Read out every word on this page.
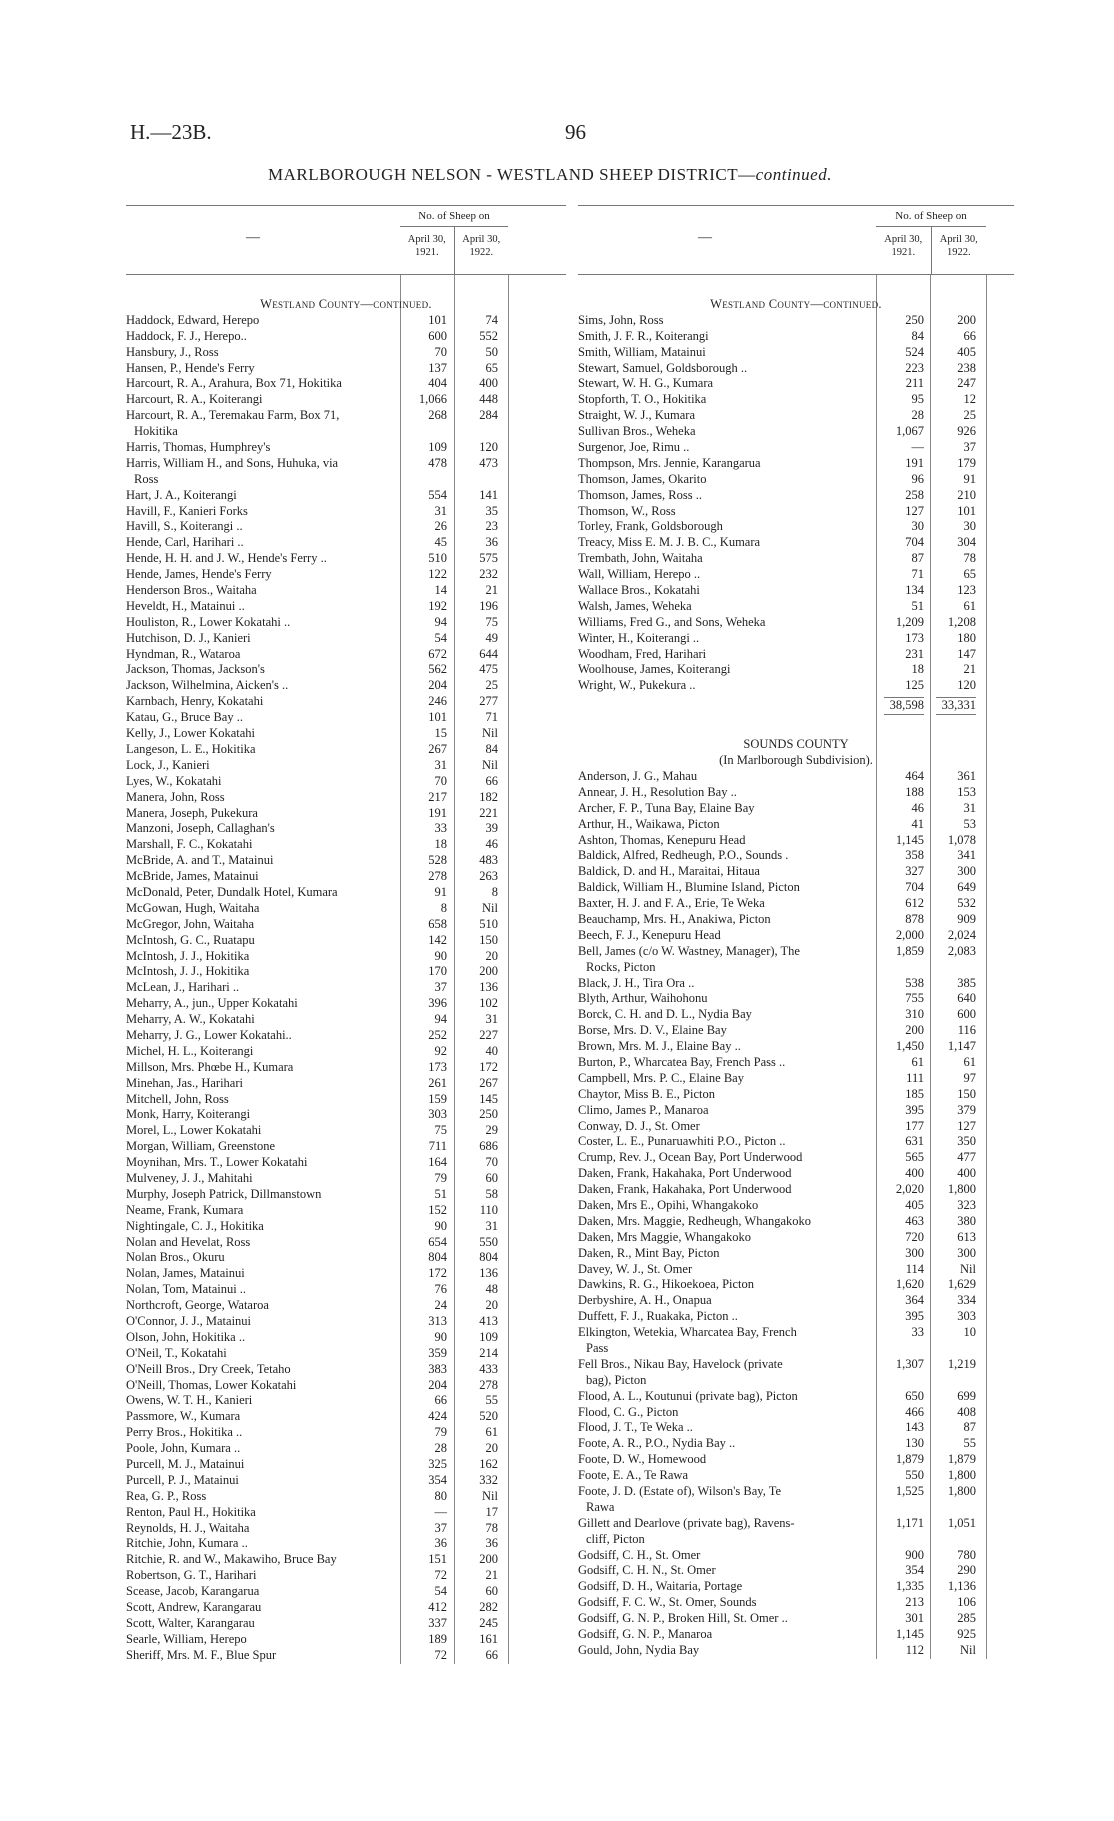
H.—23B.	96
MARLBOROUGH NELSON - WESTLAND SHEEP DISTRICT—continued.
—
No. of Sheep on
April 30, 1921.
April 30, 1922.
Westland County—continued.
Haddock, Edward, Herepo	101	74
Haddock, F. J., Herepo..	600	552
Hansbury, J., Ross	70	50
Hansen, P., Hende's Ferry	137	65
Harcourt, R. A., Arahura, Box 71, Hokitika	404	400
Harcourt, R. A., Koiterangi	1,066	448
Harcourt, R. A., Teremakau Farm, Box 71,	268	284
Hokitika
Harris, Thomas, Humphrey's	109	120
Harris, William H., and Sons, Huhuka, via	478	473
Ross
Hart, J. A., Koiterangi	554	141
Havill, F., Kanieri Forks	31	35
Havill, S., Koiterangi ..	26	23
Hende, Carl, Harihari ..	45	36
Hende, H. H. and J. W., Hende's Ferry ..	510	575
Hende, James, Hende's Ferry	122	232
Henderson Bros., Waitaha	14	21
Heveldt, H., Matainui ..	192	196
Houliston, R., Lower Kokatahi ..	94	75
Hutchison, D. J., Kanieri	54	49
Hyndman, R., Wataroa	672	644
Jackson, Thomas, Jackson's	562	475
Jackson, Wilhelmina, Aicken's ..	204	25
Karnbach, Henry, Kokatahi	246	277
Katau, G., Bruce Bay ..	101	71
Kelly, J., Lower Kokatahi	15	Nil
Langeson, L. E., Hokitika	267	84
Lock, J., Kanieri	31	Nil
Lyes, W., Kokatahi	70	66
Manera, John, Ross	217	182
Manera, Joseph, Pukekura	191	221
Manzoni, Joseph, Callaghan's	33	39
Marshall, F. C., Kokatahi	18	46
McBride, A. and T., Matainui	528	483
McBride, James, Matainui	278	263
McDonald, Peter, Dundalk Hotel, Kumara	91	8
McGowan, Hugh, Waitaha	8	Nil
McGregor, John, Waitaha	658	510
McIntosh, G. C., Ruatapu	142	150
McIntosh, J. J., Hokitika	90	20
McIntosh, J. J., Hokitika	170	200
McLean, J., Harihari ..	37	136
Meharry, A., jun., Upper Kokatahi	396	102
Meharry, A. W., Kokatahi	94	31
Meharry, J. G., Lower Kokatahi..	252	227
Michel, H. L., Koiterangi	92	40
Millson, Mrs. Phœbe H., Kumara	173	172
Minehan, Jas., Harihari	261	267
Mitchell, John, Ross	159	145
Monk, Harry, Koiterangi	303	250
Morel, L., Lower Kokatahi	75	29
Morgan, William, Greenstone	711	686
Moynihan, Mrs. T., Lower Kokatahi	164	70
Mulveney, J. J., Mahitahi	79	60
Murphy, Joseph Patrick, Dillmanstown	51	58
Neame, Frank, Kumara	152	110
Nightingale, C. J., Hokitika	90	31
Nolan and Hevelat, Ross	654	550
Nolan Bros., Okuru	804	804
Nolan, James, Matainui	172	136
Nolan, Tom, Matainui ..	76	48
Northcroft, George, Wataroa	24	20
O'Connor, J. J., Matainui	313	413
Olson, John, Hokitika ..	90	109
O'Neil, T., Kokatahi	359	214
O'Neill Bros., Dry Creek, Tetaho	383	433
O'Neill, Thomas, Lower Kokatahi	204	278
Owens, W. T. H., Kanieri	66	55
Passmore, W., Kumara	424	520
Perry Bros., Hokitika ..	79	61
Poole, John, Kumara ..	28	20
Purcell, M. J., Matainui	325	162
Purcell, P. J., Matainui	354	332
Rea, G. P., Ross	80	Nil
Renton, Paul H., Hokitika	—	17
Reynolds, H. J., Waitaha	37	78
Ritchie, John, Kumara ..	36	36
Ritchie, R. and W., Makawiho, Bruce Bay	151	200
Robertson, G. T., Harihari	72	21
Scease, Jacob, Karangarua	54	60
Scott, Andrew, Karangarau	412	282
Scott, Walter, Karangarau	337	245
Searle, William, Herepo	189	161
Sheriff, Mrs. M. F., Blue Spur	72	66
—
No. of Sheep on
April 30, 1921.
April 30, 1922.
Westland County—continued.
Sims, John, Ross	250	200
Smith, J. F. R., Koiterangi	84	66
Smith, William, Matainui	524	405
Stewart, Samuel, Goldsborough ..	223	238
Stewart, W. H. G., Kumara	211	247
Stopforth, T. O., Hokitika	95	12
Straight, W. J., Kumara	28	25
Sullivan Bros., Weheka	1,067	926
Surgenor, Joe, Rimu ..	—	37
Thompson, Mrs. Jennie, Karangarua	191	179
Thomson, James, Okarito	96	91
Thomson, James, Ross ..	258	210
Thomson, W., Ross	127	101
Torley, Frank, Goldsborough	30	30
Treacy, Miss E. M. J. B. C., Kumara	704	304
Trembath, John, Waitaha	87	78
Wall, William, Herepo ..	71	65
Wallace Bros., Kokatahi	134	123
Walsh, James, Weheka	51	61
Williams, Fred G., and Sons, Weheka	1,209	1,208
Winter, H., Koiterangi ..	173	180
Woodham, Fred, Harihari	231	147
Woolhouse, James, Koiterangi	18	21
Wright, W., Pukekura ..	125	120
38,598	33,331
SOUNDS COUNTY
(In Marlborough Subdivision).
Anderson, J. G., Mahau	464	361
Annear, J. H., Resolution Bay ..	188	153
Archer, F. P., Tuna Bay, Elaine Bay	46	31
Arthur, H., Waikawa, Picton	41	53
Ashton, Thomas, Kenepuru Head	1,145	1,078
Baldick, Alfred, Redheugh, P.O., Sounds .	358	341
Baldick, D. and H., Maraitai, Hitaua	327	300
Baldick, William H., Blumine Island, Picton	704	649
Baxter, H. J. and F. A., Erie, Te Weka	612	532
Beauchamp, Mrs. H., Anakiwa, Picton	878	909
Beech, F. J., Kenepuru Head	2,000	2,024
Bell, James (c/o W. Wastney, Manager), The	1,859	2,083
Rocks, Picton
Black, J. H., Tira Ora ..	538	385
Blyth, Arthur, Waihohonu	755	640
Borck, C. H. and D. L., Nydia Bay	310	600
Borse, Mrs. D. V., Elaine Bay	200	116
Brown, Mrs. M. J., Elaine Bay ..	1,450	1,147
Burton, P., Wharcatea Bay, French Pass ..	61	61
Campbell, Mrs. P. C., Elaine Bay	111	97
Chaytor, Miss B. E., Picton	185	150
Climo, James P., Manaroa	395	379
Conway, D. J., St. Omer	177	127
Coster, L. E., Punaruawhiti P.O., Picton ..	631	350
Crump, Rev. J., Ocean Bay, Port Underwood	565	477
Daken, Frank, Hakahaka, Port Underwood	400	400
Daken, Frank, Hakahaka, Port Underwood	2,020	1,800
Daken, Mrs E., Opihi, Whangakoko	405	323
Daken, Mrs. Maggie, Redheugh, Whangakoko	463	380
Daken, Mrs Maggie, Whangakoko	720	613
Daken, R., Mint Bay, Picton	300	300
Davey, W. J., St. Omer	114	Nil
Dawkins, R. G., Hikoekoea, Picton	1,620	1,629
Derbyshire, A. H., Onapua	364	334
Duffett, F. J., Ruakaka, Picton ..	395	303
Elkington, Wetekia, Wharcatea Bay, French	33	10
Pass
Fell Bros., Nikau Bay, Havelock (private	1,307	1,219
bag), Picton
Flood, A. L., Koutunui (private bag), Picton	650	699
Flood, C. G., Picton	466	408
Flood, J. T., Te Weka ..	143	87
Foote, A. R., P.O., Nydia Bay ..	130	55
Foote, D. W., Homewood	1,879	1,879
Foote, E. A., Te Rawa	550	1,800
Foote, J. D. (Estate of), Wilson's Bay, Te	1,525	1,800
Rawa
Gillett and Dearlove (private bag), Ravens-	1,171	1,051
cliff, Picton
Godsiff, C. H., St. Omer	900	780
Godsiff, C. H. N., St. Omer	354	290
Godsiff, D. H., Waitaria, Portage	1,335	1,136
Godsiff, F. C. W., St. Omer, Sounds	213	106
Godsiff, G. N. P., Broken Hill, St. Omer ..	301	285
Godsiff, G. N. P., Manaroa	1,145	925
Gould, John, Nydia Bay	112	Nil
